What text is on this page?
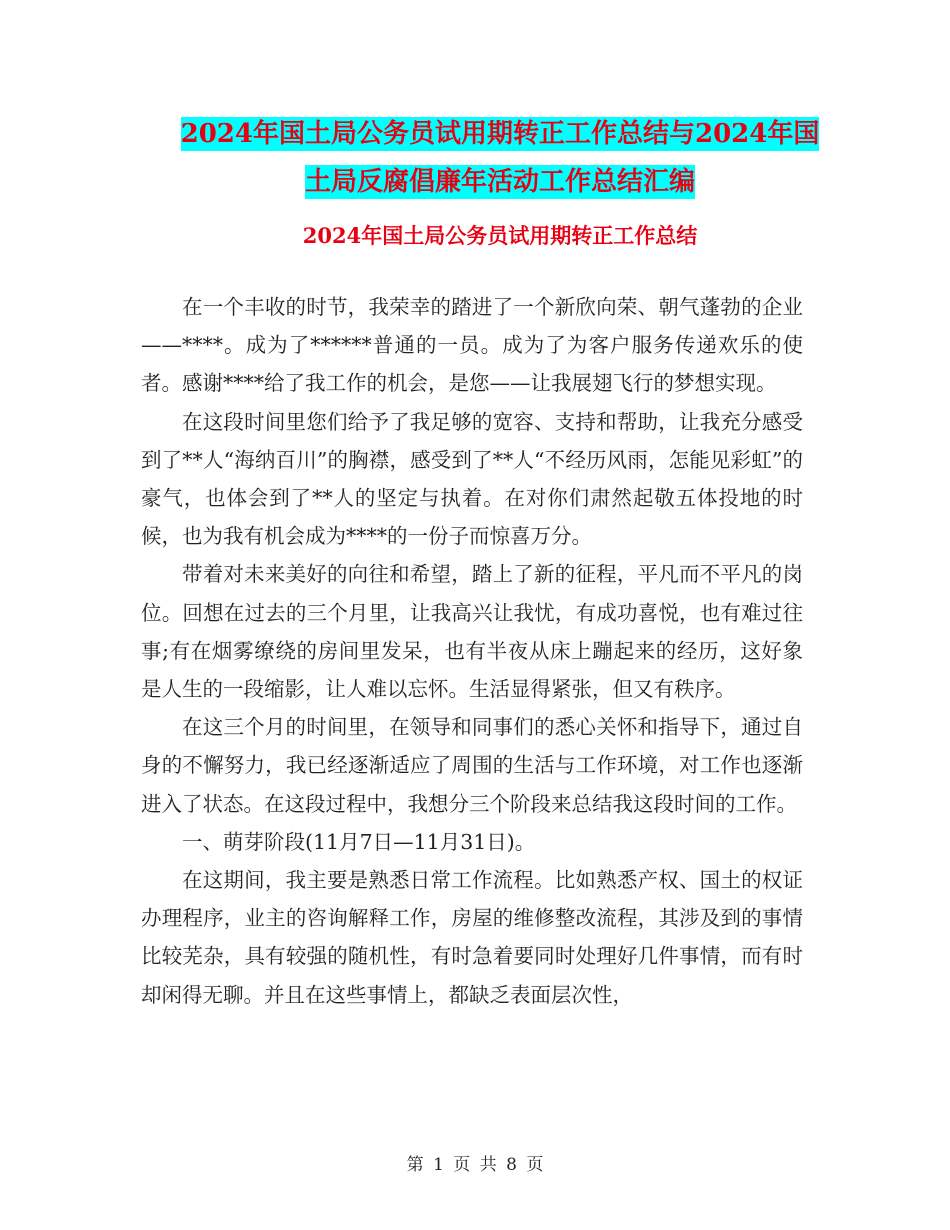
2024年国土局公务员试用期转正工作总结与2024年国
土局反腐倡廉年活动工作总结汇编
2024年国土局公务员试用期转正工作总结

在一个丰收的时节，我荣幸的踏进了一个新欣向荣、朝气蓬勃的企业——****。成为了******普通的一员。成为了为客户服务传递欢乐的使者。感谢****给了我工作的机会，是您——让我展翅飞行的梦想实现。

在这段时间里您们给予了我足够的宽容、支持和帮助，让我充分感受到了**人“海纳百川”的胸襟，感受到了**人“不经历风雨，怎能见彩虹”的豪气，也体会到了**人的坚定与执着。在对你们肃然起敬五体投地的时候，也为我有机会成为****的一份子而惊喜万分。

带着对未来美好的向往和希望，踏上了新的征程，平凡而不平凡的岗位。回想在过去的三个月里，让我高兴让我忧，有成功喜悦，也有难过往事;有在烟雾缭绕的房间里发呆，也有半夜从床上蹦起来的经历，这好象是人生的一段缩影，让人难以忘怀。生活显得紧张，但又有秩序。

在这三个月的时间里，在领导和同事们的悉心关怀和指导下，通过自身的不懈努力，我已经逐渐适应了周围的生活与工作环境，对工作也逐渐进入了状态。在这段过程中，我想分三个阶段来总结我这段时间的工作。

一、萌芽阶段(11月7日—11月31日)。

在这期间，我主要是熟悉日常工作流程。比如熟悉产权、国土的权证办理程序，业主的咨询解释工作，房屋的维修整改流程，其涉及到的事情比较芜杂，具有较强的随机性，有时急着要同时处理好几件事情，而有时却闲得无聊。并且在这些事情上，都缺乏表面层次性，

第 1 页 共 8 页
